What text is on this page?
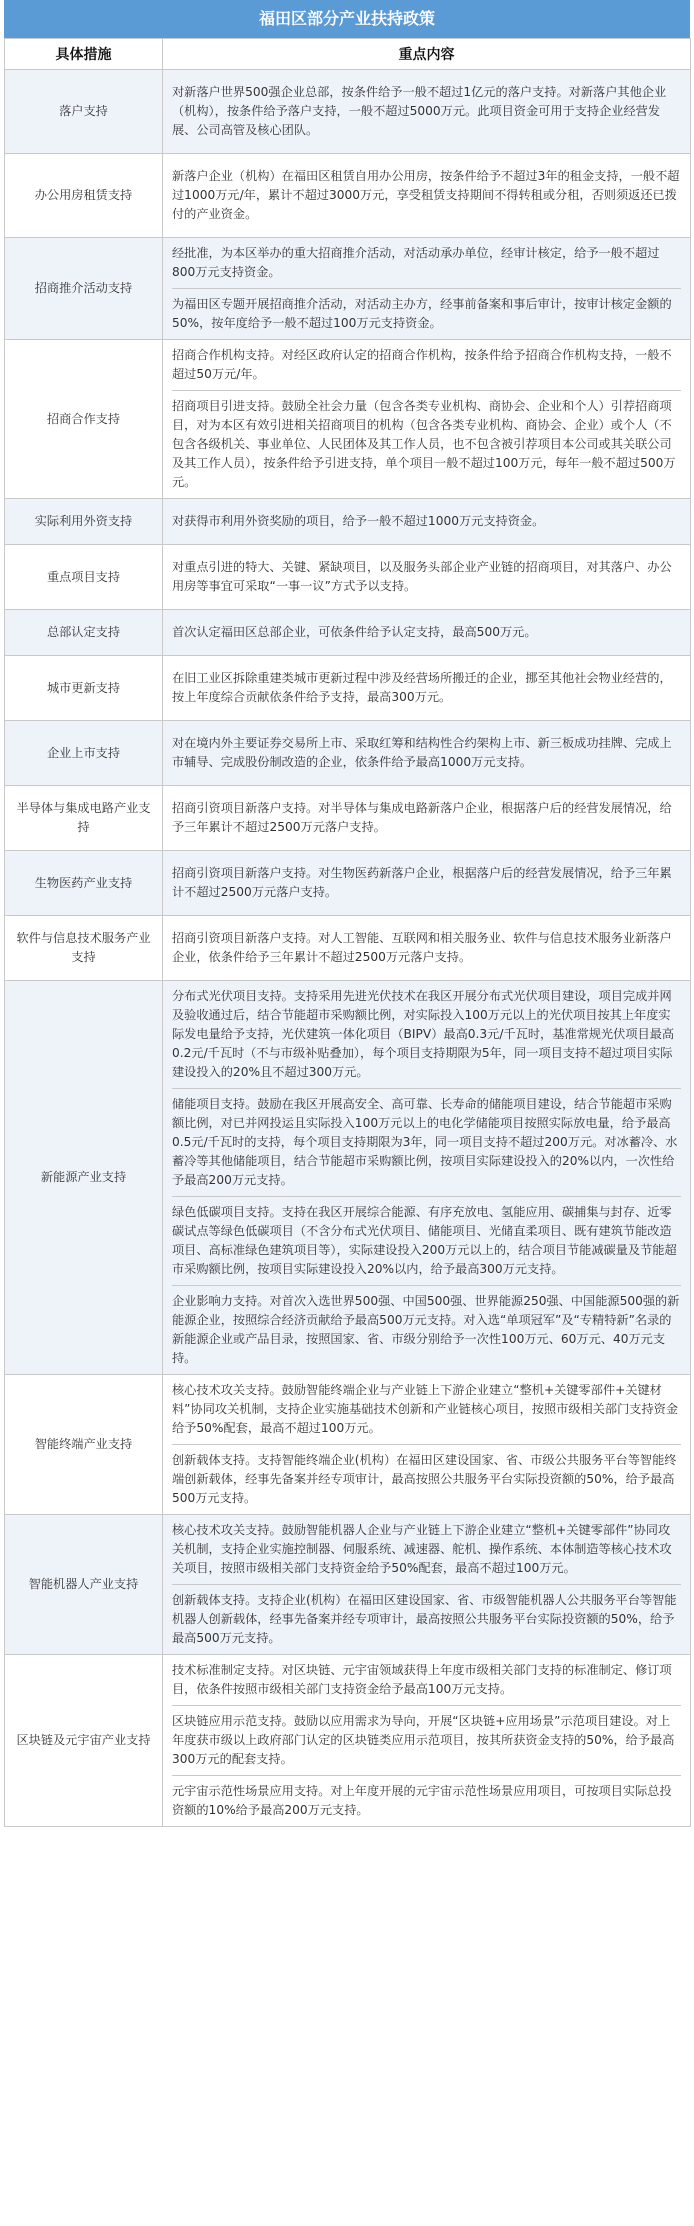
福田区部分产业扶持政策
具体措施	重点内容
落户支持	对新落户世界500强企业总部，按条件给予一般不超过1亿元的落户支持。对新落户其他企业（机构），按条件给予落户支持，一般不超过5000万元。此项目资金可用于支持企业经营发展、公司高管及核心团队。

办公用房租赁支持	新落户企业（机构）在福田区租赁自用办公用房，按条件给予不超过3年的租金支持，一般不超过1000万元/年，累计不超过3000万元，享受租赁支持期间不得转租或分租，否则须返还已拨付的产业资金。

招商推介活动支持	经批准，为本区举办的重大招商推介活动，对活动承办单位，经审计核定，给予一般不超过800万元支持资金。
为福田区专题开展招商推介活动，对活动主办方，经事前备案和事后审计，按审计核定金额的50%，按年度给予一般不超过100万元支持资金。

招商合作支持	招商合作机构支持。对经区政府认定的招商合作机构，按条件给予招商合作机构支持，一般不超过50万元/年。
招商项目引进支持。鼓励全社会力量（包含各类专业机构、商协会、企业和个人）引荐招商项目，对为本区有效引进相关招商项目的机构（包含各类专业机构、商协会、企业）或个人（不包含各级机关、事业单位、人民团体及其工作人员，也不包含被引荐项目本公司或其关联公司及其工作人员），按条件给予引进支持，单个项目一般不超过100万元，每年一般不超过500万元。

实际利用外资支持	对获得市利用外资奖励的项目，给予一般不超过1000万元支持资金。

重点项目支持	对重点引进的特大、关键、紧缺项目，以及服务头部企业产业链的招商项目，对其落户、办公用房等事宜可采取“一事一议”方式予以支持。

总部认定支持	首次认定福田区总部企业，可依条件给予认定支持，最高500万元。

城市更新支持	在旧工业区拆除重建类城市更新过程中涉及经营场所搬迁的企业，挪至其他社会物业经营的，按上年度综合贡献依条件给予支持，最高300万元。

企业上市支持	对在境内外主要证券交易所上市、采取红筹和结构性合约架构上市、新三板成功挂牌、完成上市辅导、完成股份制改造的企业，依条件给予最高1000万元支持。

半导体与集成电路产业支持	招商引资项目新落户支持。对半导体与集成电路新落户企业，根据落户后的经营发展情况，给予三年累计不超过2500万元落户支持。

生物医药产业支持	招商引资项目新落户支持。对生物医药新落户企业，根据落户后的经营发展情况，给予三年累计不超过2500万元落户支持。

软件与信息技术服务产业支持	招商引资项目新落户支持。对人工智能、互联网和相关服务业、软件与信息技术服务业新落户企业，依条件给予三年累计不超过2500万元落户支持。

新能源产业支持	分布式光伏项目支持。支持采用先进光伏技术在我区开展分布式光伏项目建设，项目完成并网及验收通过后，结合节能超市采购额比例，对实际投入100万元以上的光伏项目按其上年度实际发电量给予支持，光伏建筑一体化项目（BIPV）最高0.3元/千瓦时，基准常规光伏项目最高0.2元/千瓦时（不与市级补贴叠加），每个项目支持期限为5年，同一项目支持不超过项目实际建设投入的20%且不超过300万元。
储能项目支持。鼓励在我区开展高安全、高可靠、长寿命的储能项目建设，结合节能超市采购额比例，对已并网投运且实际投入100万元以上的电化学储能项目按照实际放电量，给予最高0.5元/千瓦时的支持，每个项目支持期限为3年，同一项目支持不超过200万元。对冰蓄冷、水蓄冷等其他储能项目，结合节能超市采购额比例，按项目实际建设投入的20%以内，一次性给予最高200万元支持。
绿色低碳项目支持。支持在我区开展综合能源、有序充放电、氢能应用、碳捕集与封存、近零碳试点等绿色低碳项目（不含分布式光伏项目、储能项目、光储直柔项目、既有建筑节能改造项目、高标准绿色建筑项目等），实际建设投入200万元以上的，结合项目节能减碳量及节能超市采购额比例，按项目实际建设投入20%以内，给予最高300万元支持。
企业影响力支持。对首次入选世界500强、中国500强、世界能源250强、中国能源500强的新能源企业，按照综合经济贡献给予最高500万元支持。对入选“单项冠军”及“专精特新”名录的新能源企业或产品目录，按照国家、省、市级分别给予一次性100万元、60万元、40万元支持。

智能终端产业支持	核心技术攻关支持。鼓励智能终端企业与产业链上下游企业建立“整机+关键零部件+关键材料”协同攻关机制，支持企业实施基础技术创新和产业链核心项目，按照市级相关部门支持资金给予50%配套，最高不超过100万元。
创新载体支持。支持智能终端企业(机构）在福田区建设国家、省、市级公共服务平台等智能终端创新载体，经事先备案并经专项审计，最高按照公共服务平台实际投资额的50%，给予最高500万元支持。

智能机器人产业支持	核心技术攻关支持。鼓励智能机器人企业与产业链上下游企业建立“整机+关键零部件”协同攻关机制，支持企业实施控制器、伺服系统、减速器、舵机、操作系统、本体制造等核心技术攻关项目，按照市级相关部门支持资金给予50%配套，最高不超过100万元。
创新载体支持。支持企业(机构）在福田区建设国家、省、市级智能机器人公共服务平台等智能机器人创新载体，经事先备案并经专项审计，最高按照公共服务平台实际投资额的50%，给予最高500万元支持。

区块链及元宇宙产业支持	技术标准制定支持。对区块链、元宇宙领域获得上年度市级相关部门支持的标准制定、修订项目，依条件按照市级相关部门支持资金给予最高100万元支持。
区块链应用示范支持。鼓励以应用需求为导向，开展“区块链+应用场景”示范项目建设。对上年度获市级以上政府部门认定的区块链类应用示范项目，按其所获资金支持的50%，给予最高300万元的配套支持。
元宇宙示范性场景应用支持。对上年度开展的元宇宙示范性场景应用项目，可按项目实际总投资额的10%给予最高200万元支持。
